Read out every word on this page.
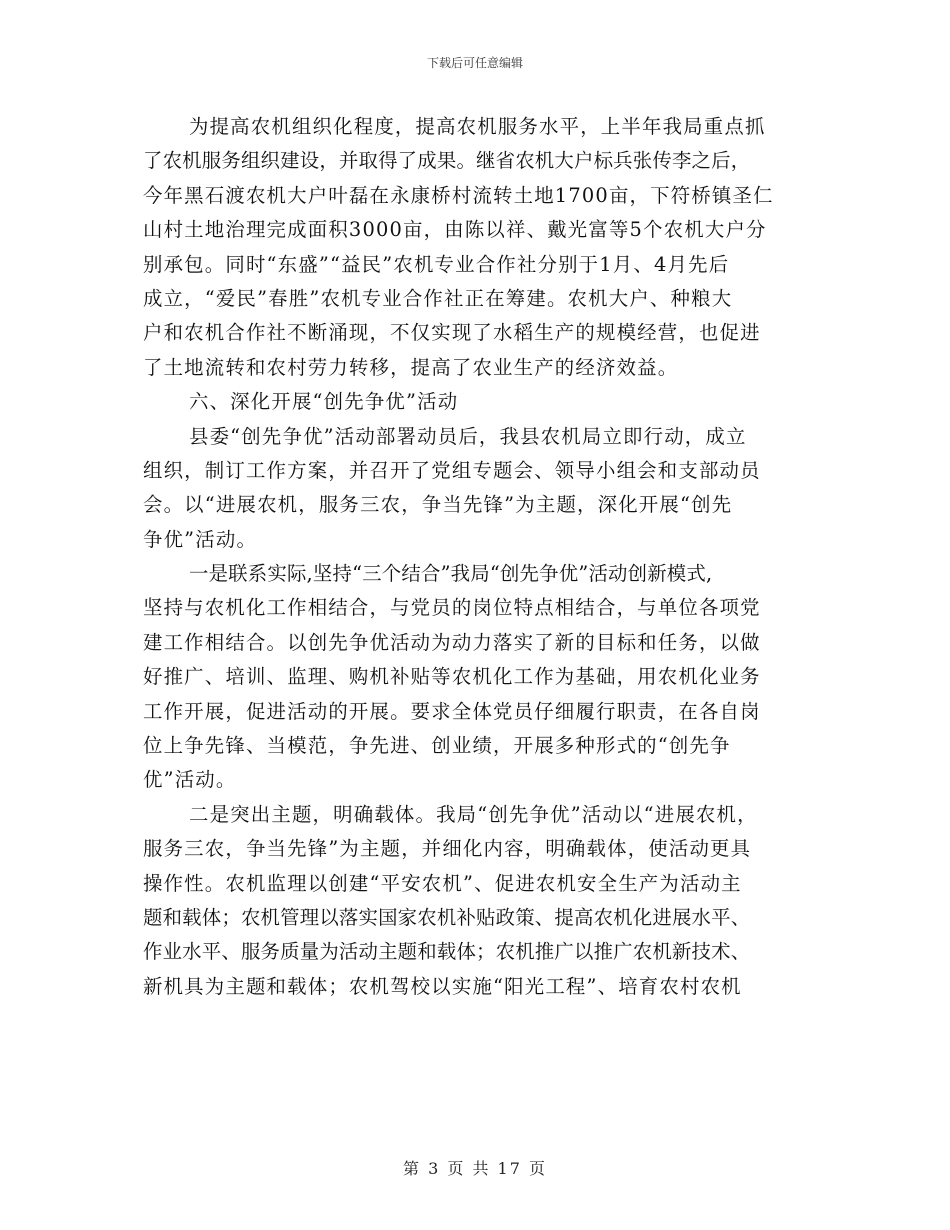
下载后可任意编辑
为提高农机组织化程度，提高农机服务水平，上半年我局重点抓
了农机服务组织建设，并取得了成果。继省农机大户标兵张传李之后，
今年黑石渡农机大户叶磊在永康桥村流转土地1700亩，下符桥镇圣仁
山村土地治理完成面积3000亩，由陈以祥、戴光富等5个农机大户分
别承包。同时“东盛”“益民”农机专业合作社分别于1月、4月先后
成立，“爱民”春胜”农机专业合作社正在筹建。农机大户、种粮大
户和农机合作社不断涌现，不仅实现了水稻生产的规模经营，也促进
了土地流转和农村劳力转移，提高了农业生产的经济效益。
六、深化开展“创先争优”活动
县委“创先争优”活动部署动员后，我县农机局立即行动，成立
组织，制订工作方案，并召开了党组专题会、领导小组会和支部动员
会。以“进展农机，服务三农，争当先锋”为主题，深化开展“创先
争优”活动。
一是联系实际,坚持“三个结合”我局“创先争优”活动创新模式,
坚持与农机化工作相结合，与党员的岗位特点相结合，与单位各项党
建工作相结合。以创先争优活动为动力落实了新的目标和任务，以做
好推广、培训、监理、购机补贴等农机化工作为基础，用农机化业务
工作开展，促进活动的开展。要求全体党员仔细履行职责，在各自岗
位上争先锋、当模范，争先进、创业绩，开展多种形式的“创先争
优”活动。
二是突出主题，明确载体。我局“创先争优”活动以“进展农机，
服务三农，争当先锋”为主题，并细化内容，明确载体，使活动更具
操作性。农机监理以创建“平安农机”、促进农机安全生产为活动主
题和载体；农机管理以落实国家农机补贴政策、提高农机化进展水平、
作业水平、服务质量为活动主题和载体；农机推广以推广农机新技术、
新机具为主题和载体；农机驾校以实施“阳光工程”、培育农村农机
第 3 页 共 17 页
